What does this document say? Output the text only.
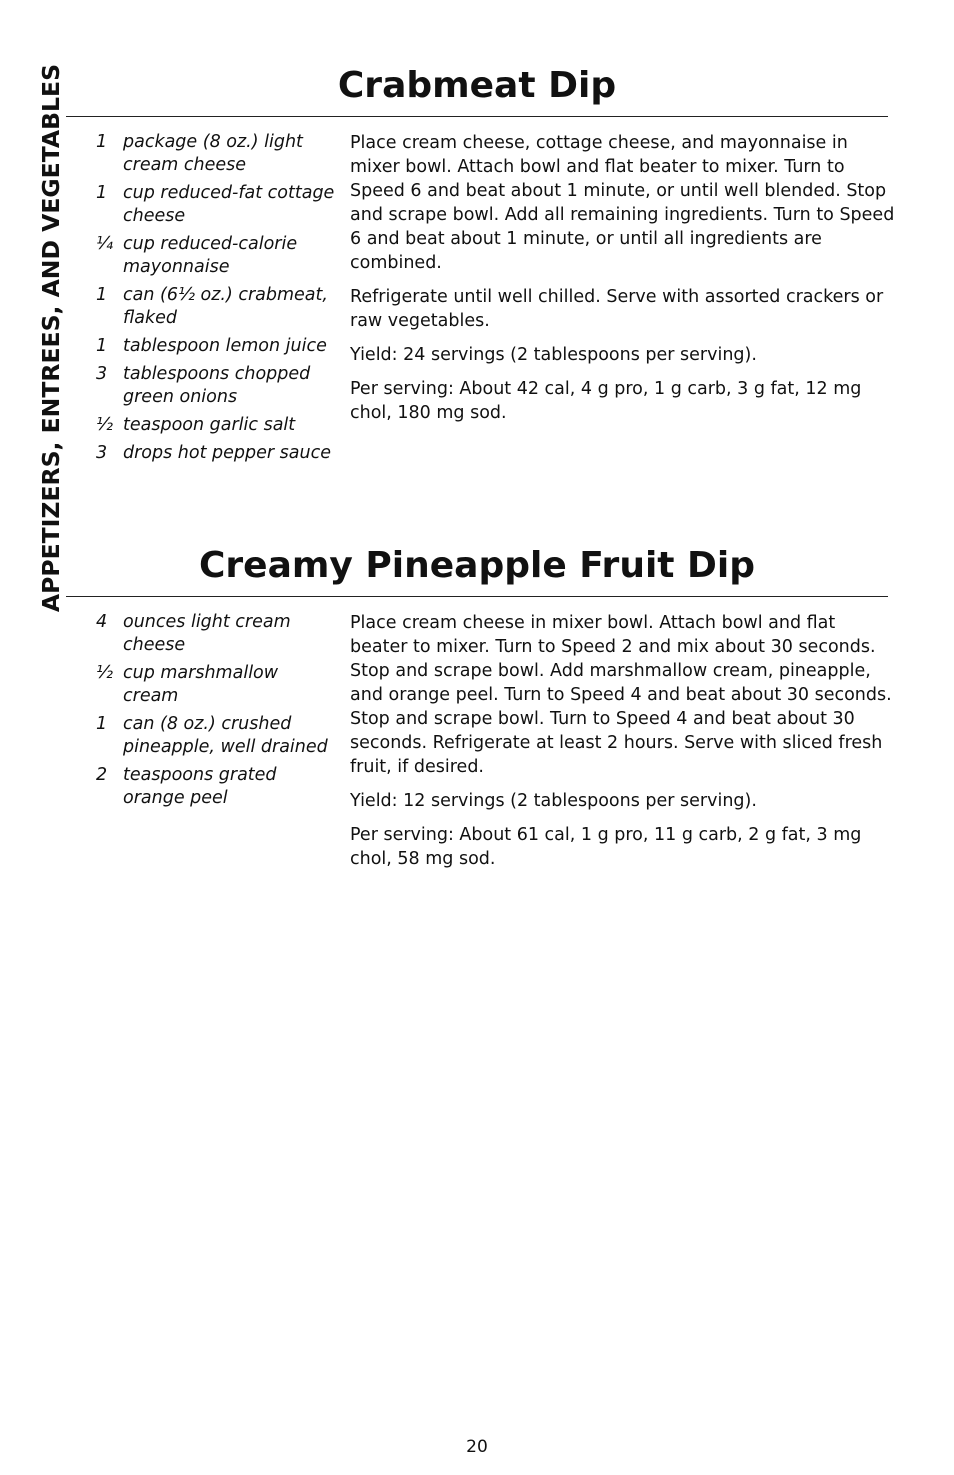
APPETIZERS, ENTREES, AND VEGETABLES	Crabmeat Dip
1 package (8 oz.) light cream cheese
1 cup reduced-fat cottage cheese
¼ cup reduced-calorie mayonnaise
1 can (6½ oz.) crabmeat, flaked
1 tablespoon lemon juice
3 tablespoons chopped green onions
½ teaspoon garlic salt
3 drops hot pepper sauce

Place cream cheese, cottage cheese, and mayonnaise in mixer bowl. Attach bowl and flat beater to mixer. Turn to Speed 6 and beat about 1 minute, or until well blended. Stop and scrape bowl. Add all remaining ingredients. Turn to Speed 6 and beat about 1 minute, or until all ingredients are combined.

Refrigerate until well chilled. Serve with assorted crackers or raw vegetables.

Yield: 24 servings (2 tablespoons per serving).

Per serving: About 42 cal, 4 g pro, 1 g carb, 3 g fat, 12 mg chol, 180 mg sod.

Creamy Pineapple Fruit Dip
4 ounces light cream cheese
½ cup marshmallow cream
1 can (8 oz.) crushed pineapple, well drained
2 teaspoons grated orange peel

Place cream cheese in mixer bowl. Attach bowl and flat beater to mixer. Turn to Speed 2 and mix about 30 seconds. Stop and scrape bowl. Add marshmallow cream, pineapple, and orange peel. Turn to Speed 4 and beat about 30 seconds. Stop and scrape bowl. Turn to Speed 4 and beat about 30 seconds. Refrigerate at least 2 hours. Serve with sliced fresh fruit, if desired.

Yield: 12 servings (2 tablespoons per serving).

Per serving: About 61 cal, 1 g pro, 11 g carb, 2 g fat, 3 mg chol, 58 mg sod.

20
